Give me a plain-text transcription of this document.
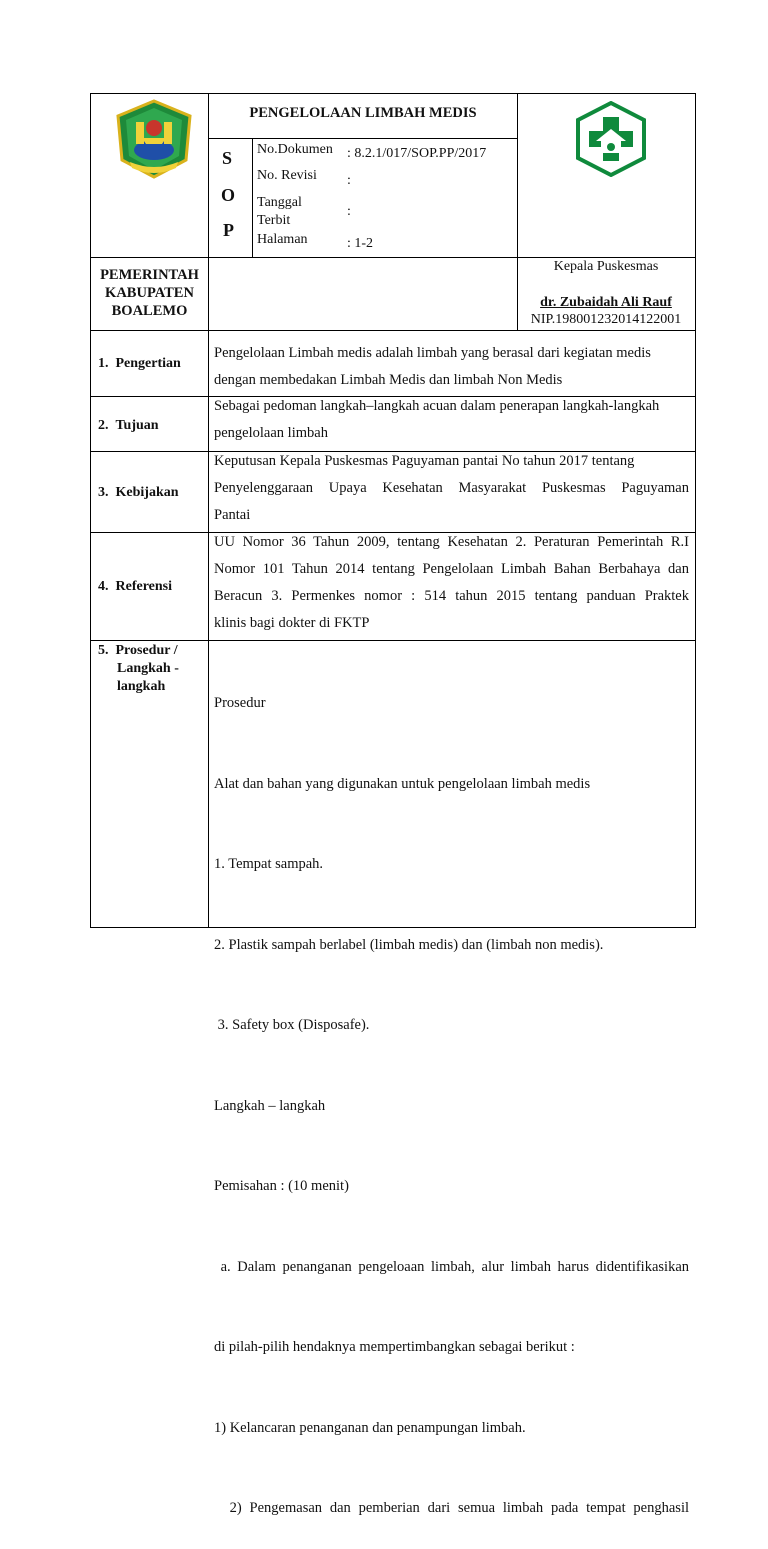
PENGELOLAAN LIMBAH MEDIS
S
O
P
No.Dokumen : 8.2.1/017/SOP.PP/2017
No. Revisi :
Tanggal Terbit
:
Halaman	: 1-2
PEMERINTAH
KABUPATEN
BOALEMO
Kepala Puskesmas
dr. Zubaidah Ali Rauf
NIP.198001232014122001
1. Pengertian
Pengelolaan Limbah medis adalah limbah yang berasal dari kegiatan medis
dengan membedakan Limbah Medis dan limbah Non Medis
2. Tujuan
Sebagai pedoman langkah–langkah acuan dalam penerapan langkah-langkah
pengelolaan limbah
3. Kebijakan
Keputusan Kepala Puskesmas Paguyaman pantai No tahun 2017 tentang
Penyelenggaraan Upaya Kesehatan Masyarakat Puskesmas Paguyaman
Pantai
4. Referensi
UU Nomor 36 Tahun 2009, tentang Kesehatan 2. Peraturan Pemerintah R.I
Nomor 101 Tahun 2014 tentang Pengelolaan Limbah Bahan Berbahaya dan
Beracun 3. Permenkes nomor : 514 tahun 2015 tentang panduan Praktek
klinis bagi dokter di FKTP
5. Prosedur /
Langkah -
langkah

Prosedur

Alat dan bahan yang digunakan untuk pengelolaan limbah medis

1. Tempat sampah.

2. Plastik sampah berlabel (limbah medis) dan (limbah non medis).

3. Safety box (Disposafe).

Langkah – langkah

Pemisahan : (10 menit)

a. Dalam penanganan pengeloaan limbah, alur limbah harus didentifikasikan

di pilah-pilih hendaknya mempertimbangkan sebagai berikut :

1) Kelancaran penanganan dan penampungan limbah.

2) Pengemasan dan pemberian dari semua limbah pada tempat penghasil
